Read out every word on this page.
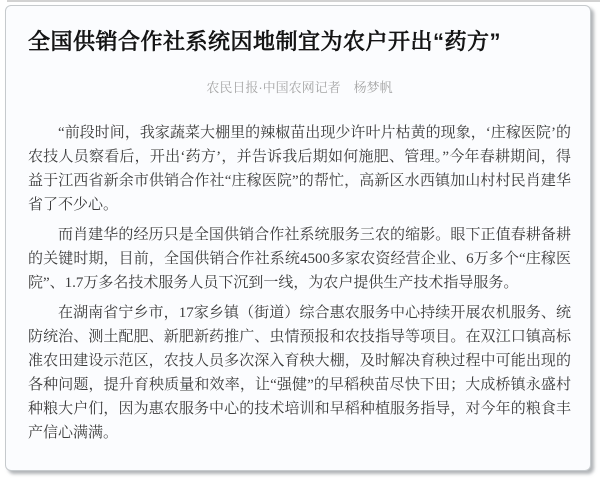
全国供销合作社系统因地制宜为农户开出“药方”
农民日报·中国农网记者　杨梦帆

“前段时间，我家蔬菜大棚里的辣椒苗出现少许叶片枯黄的现象，‘庄稼医院’的农技人员察看后，开出‘药方’，并告诉我后期如何施肥、管理。”今年春耕期间，得益于江西省新余市供销合作社“庄稼医院”的帮忙，高新区水西镇加山村村民肖建华省了不少心。

而肖建华的经历只是全国供销合作社系统服务三农的缩影。眼下正值春耕备耕的关键时期，目前，全国供销合作社系统4500多家农资经营企业、6万多个“庄稼医院”、1.7万多名技术服务人员下沉到一线，为农户提供生产技术指导服务。

在湖南省宁乡市，17家乡镇（街道）综合惠农服务中心持续开展农机服务、统防统治、测土配肥、新肥新药推广、虫情预报和农技指导等项目。在双江口镇高标准农田建设示范区，农技人员多次深入育秧大棚，及时解决育秧过程中可能出现的各种问题，提升育秧质量和效率，让“强健”的早稻秧苗尽快下田；大成桥镇永盛村种粮大户们，因为惠农服务中心的技术培训和早稻种植服务指导，对今年的粮食丰产信心满满。
